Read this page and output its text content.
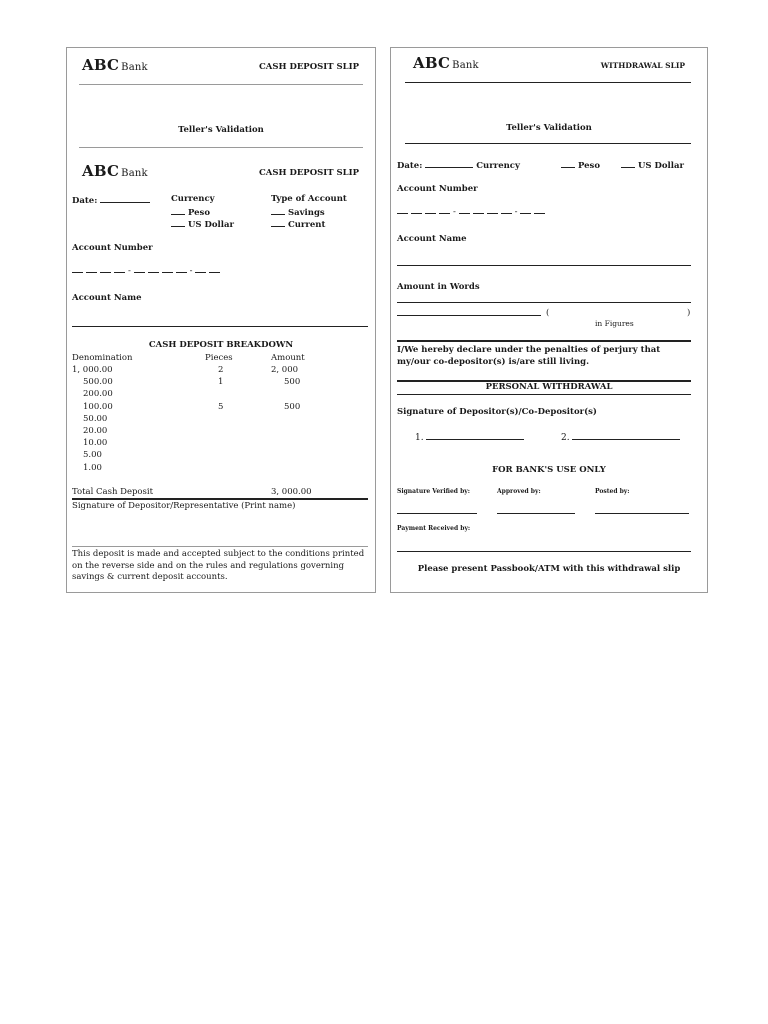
ABC Bank	CASH DEPOSIT SLIP
Teller's Validation
ABC Bank	CASH DEPOSIT SLIP
Date:	Currency
Peso
US Dollar
Type of Account
Savings
Current
Account Number
-	-
Account Name
CASH DEPOSIT BREAKDOWN
Denomination	Pieces	Amount
1, 000.00	2	2, 000
500.00	1	500
200.00
100.00	5	500
50.00
20.00
10.00
5.00
1.00
Total Cash Deposit	3, 000.00
Signature of Depositor/Representative (Print name)
This deposit is made and accepted subject to the conditions printed on the reverse side and on the rules and regulations governing savings & current deposit accounts.
ABC Bank	WITHDRAWAL SLIP
Teller's Validation
Date:	Currency	Peso	US Dollar
Account Number
-	-
Account Name
Amount in Words
(	)
in Figures
I/We hereby declare under the penalties of perjury that my/our co-depositor(s) is/are still living.
PERSONAL WITHDRAWAL
Signature of Depositor(s)/Co-Depositor(s)
1.	2.
FOR BANK'S USE ONLY
Signature Verified by:	Approved by:	Posted by:
Payment Received by:
Please present Passbook/ATM with this withdrawal slip
